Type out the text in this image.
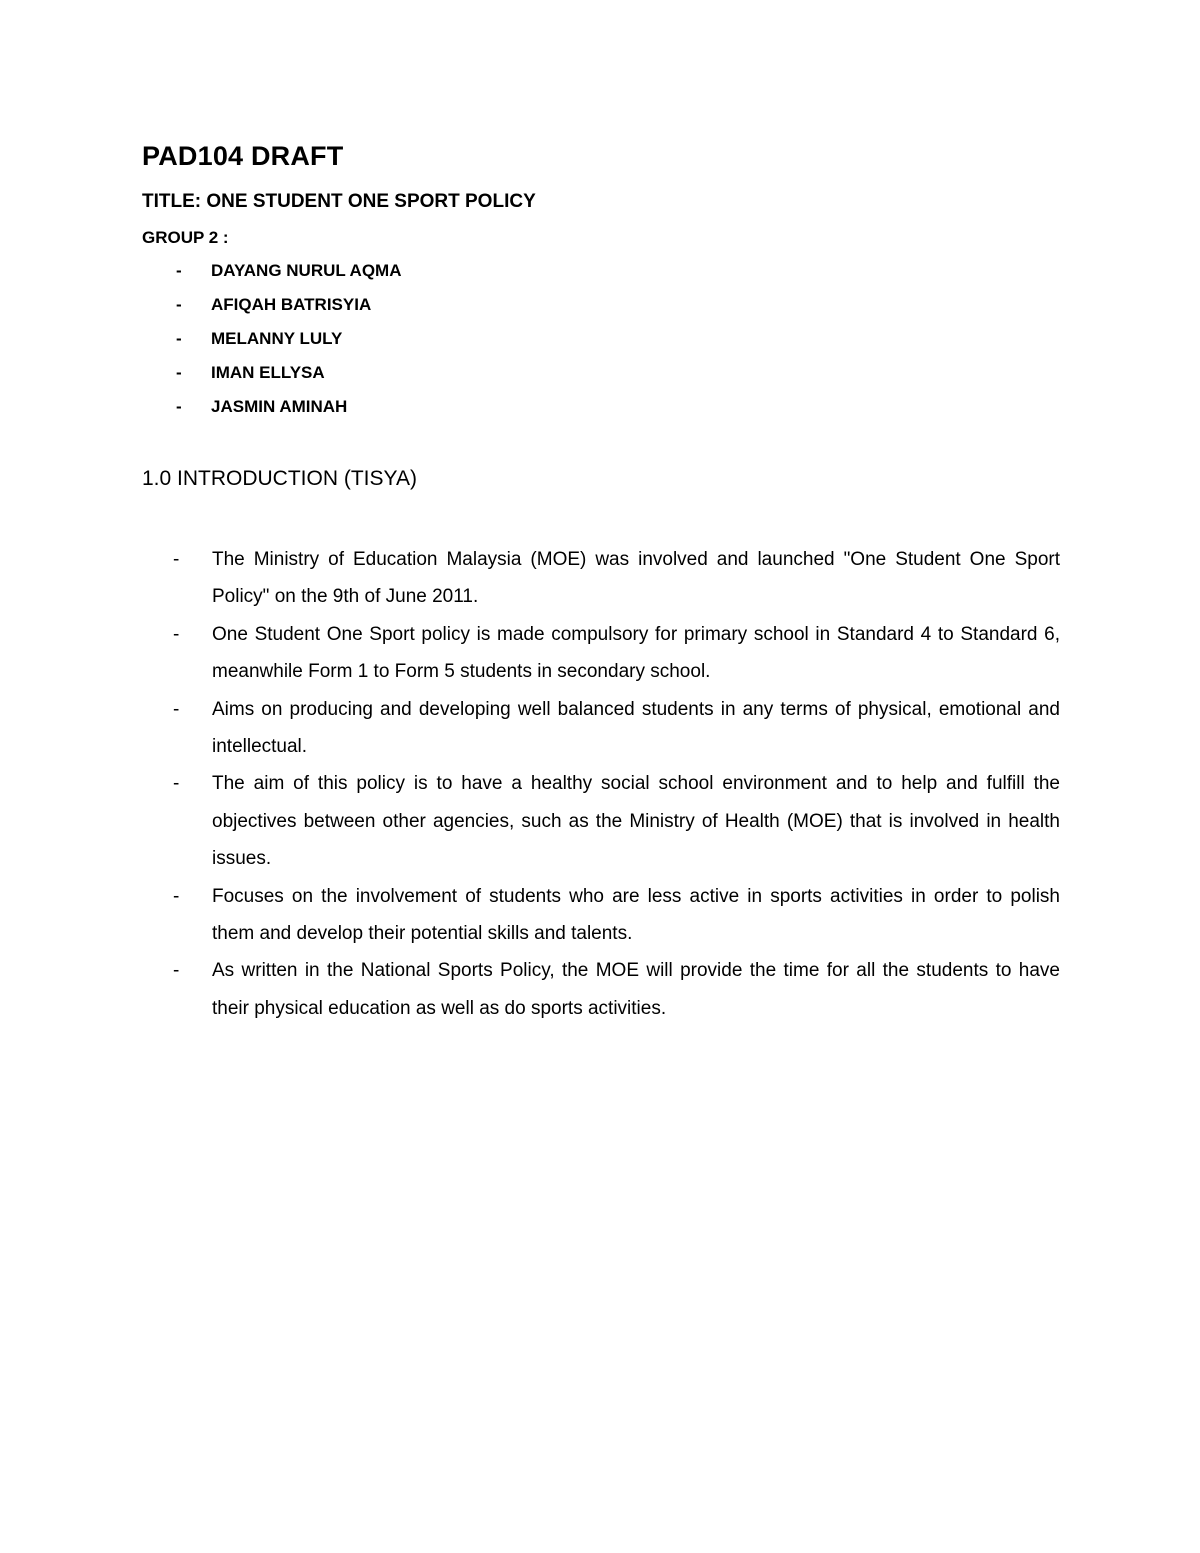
PAD104 DRAFT

TITLE: ONE STUDENT ONE SPORT POLICY

GROUP 2 :

- DAYANG NURUL AQMA
- AFIQAH BATRISYIA
- MELANNY LULY
- IMAN ELLYSA
- JASMIN AMINAH
1.0 INTRODUCTION (TISYA)
- The Ministry of Education Malaysia (MOE) was involved and launched "One Student One Sport Policy" on the 9th of June 2011.
- One Student One Sport policy is made compulsory for primary school in Standard 4 to Standard 6, meanwhile Form 1 to Form 5 students in secondary school.
- Aims on producing and developing well balanced students in any terms of physical, emotional and intellectual.
- The aim of this policy is to have a healthy social school environment and to help and fulfill the objectives between other agencies, such as the Ministry of Health (MOE) that is involved in health issues.
- Focuses on the involvement of students who are less active in sports activities in order to polish them and develop their potential skills and talents.
- As written in the National Sports Policy, the MOE will provide the time for all the students to have their physical education as well as do sports activities.
